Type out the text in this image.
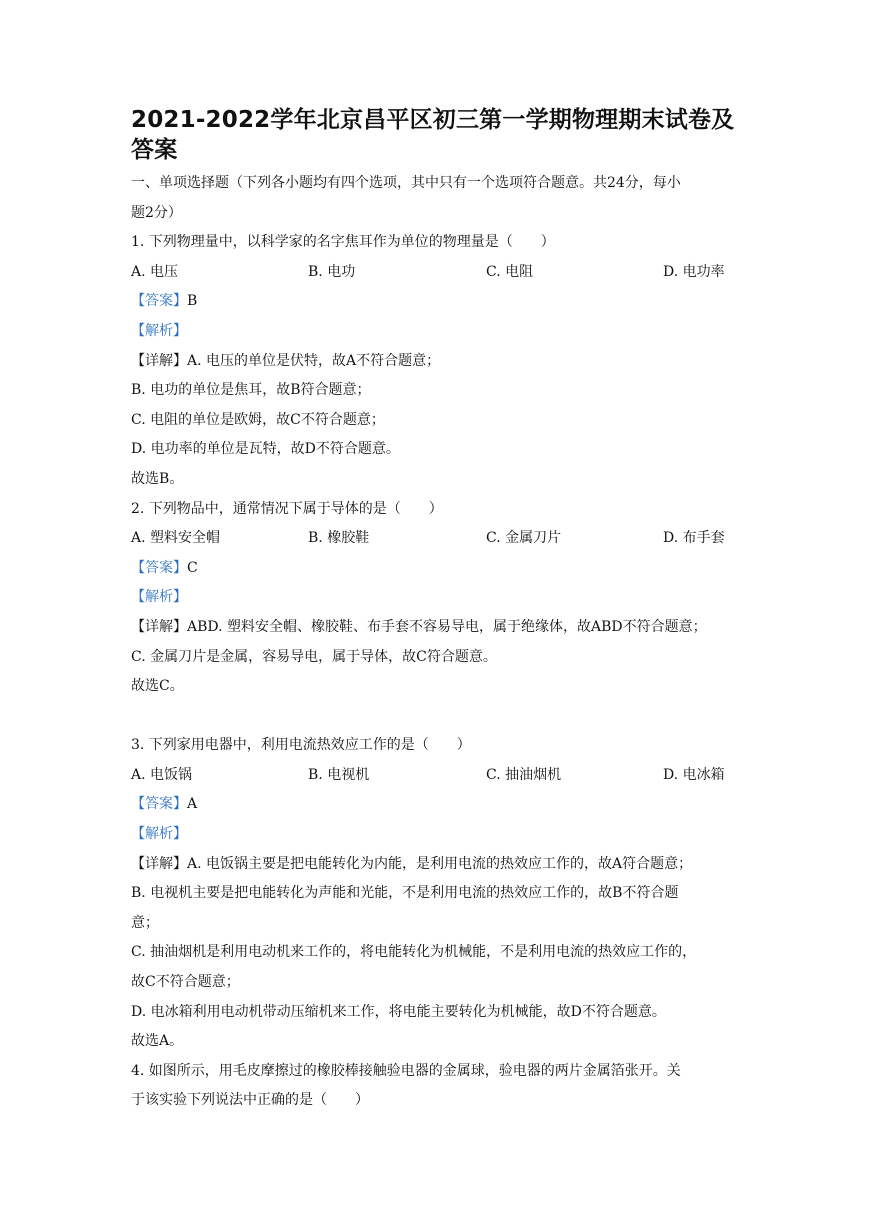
2021-2022学年北京昌平区初三第一学期物理期末试卷及答案
一、单项选择题（下列各小题均有四个选项，其中只有一个选项符合题意。共24分，每小
题2分）
1. 下列物理量中，以科学家的名字焦耳作为单位的物理量是（　　）
A. 电压	B. 电功	C. 电阻	D. 电功率
【答案】B
【解析】
【详解】A. 电压的单位是伏特，故A不符合题意；
B. 电功的单位是焦耳，故B符合题意；
C. 电阻的单位是欧姆，故C不符合题意；
D. 电功率的单位是瓦特，故D不符合题意。
故选B。
2. 下列物品中，通常情况下属于导体的是（　　）
A. 塑料安全帽	B. 橡胶鞋	C. 金属刀片	D. 布手套
【答案】C
【解析】
【详解】ABD. 塑料安全帽、橡胶鞋、布手套不容易导电，属于绝缘体，故ABD不符合题意；
C. 金属刀片是金属，容易导电，属于导体，故C符合题意。
故选C。
3. 下列家用电器中，利用电流热效应工作的是（　　）
A. 电饭锅	B. 电视机	C. 抽油烟机	D. 电冰箱
【答案】A
【解析】
【详解】A. 电饭锅主要是把电能转化为内能，是利用电流的热效应工作的，故A符合题意；
B. 电视机主要是把电能转化为声能和光能，不是利用电流的热效应工作的，故B不符合题
意；
C. 抽油烟机是利用电动机来工作的，将电能转化为机械能，不是利用电流的热效应工作的，
故C不符合题意；
D. 电冰箱利用电动机带动压缩机来工作，将电能主要转化为机械能，故D不符合题意。
故选A。
4. 如图所示，用毛皮摩擦过的橡胶棒接触验电器的金属球，验电器的两片金属箔张开。关
于该实验下列说法中正确的是（　　）
